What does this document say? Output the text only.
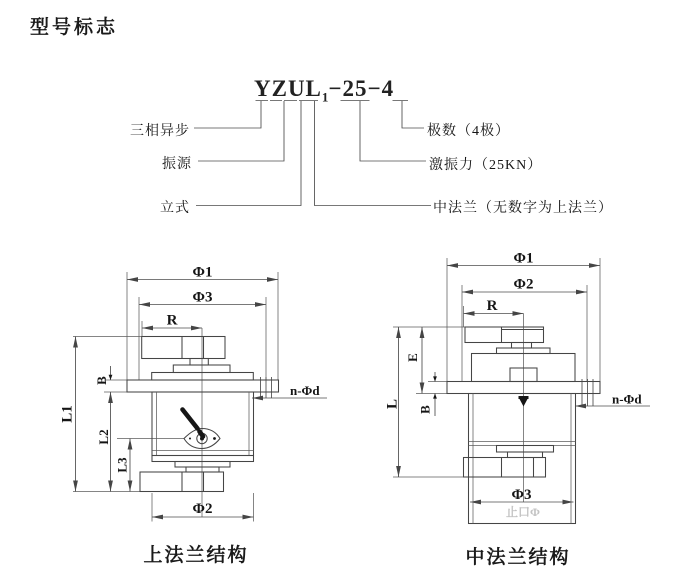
Φ1
Φ3
R
Φ2
n-Φd
L1
B
L2
L3
Φ1
Φ2
R
Φ3
止口Φ
n-Φd
L
E
B
型号标志
$YZUL_1-25-4$
三相异步
振源
立式
极数（4极）
激振力（25KN）
中法兰（无数字为上法兰）
上法兰结构	中法兰结构
